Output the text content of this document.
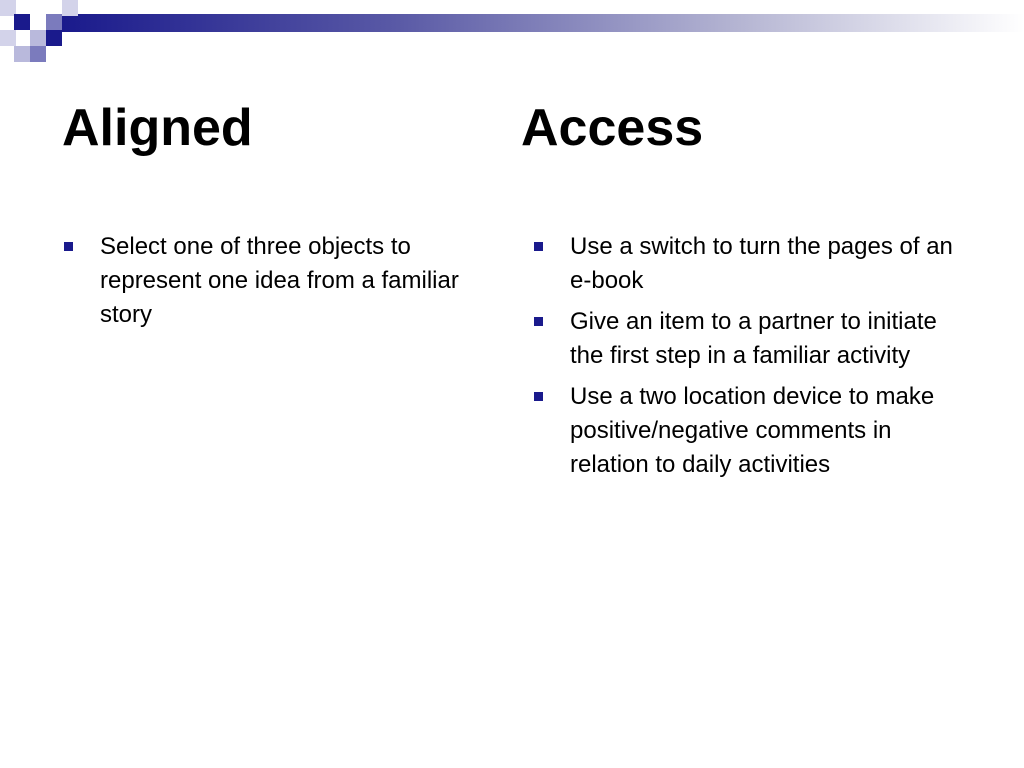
Aligned	Access
Select one of three objects to represent one idea from a familiar story
Use a switch to turn the pages of an e-book
Give an item to a partner to initiate the first step in a familiar activity
Use a two location device to make positive/negative comments in relation to daily activities
